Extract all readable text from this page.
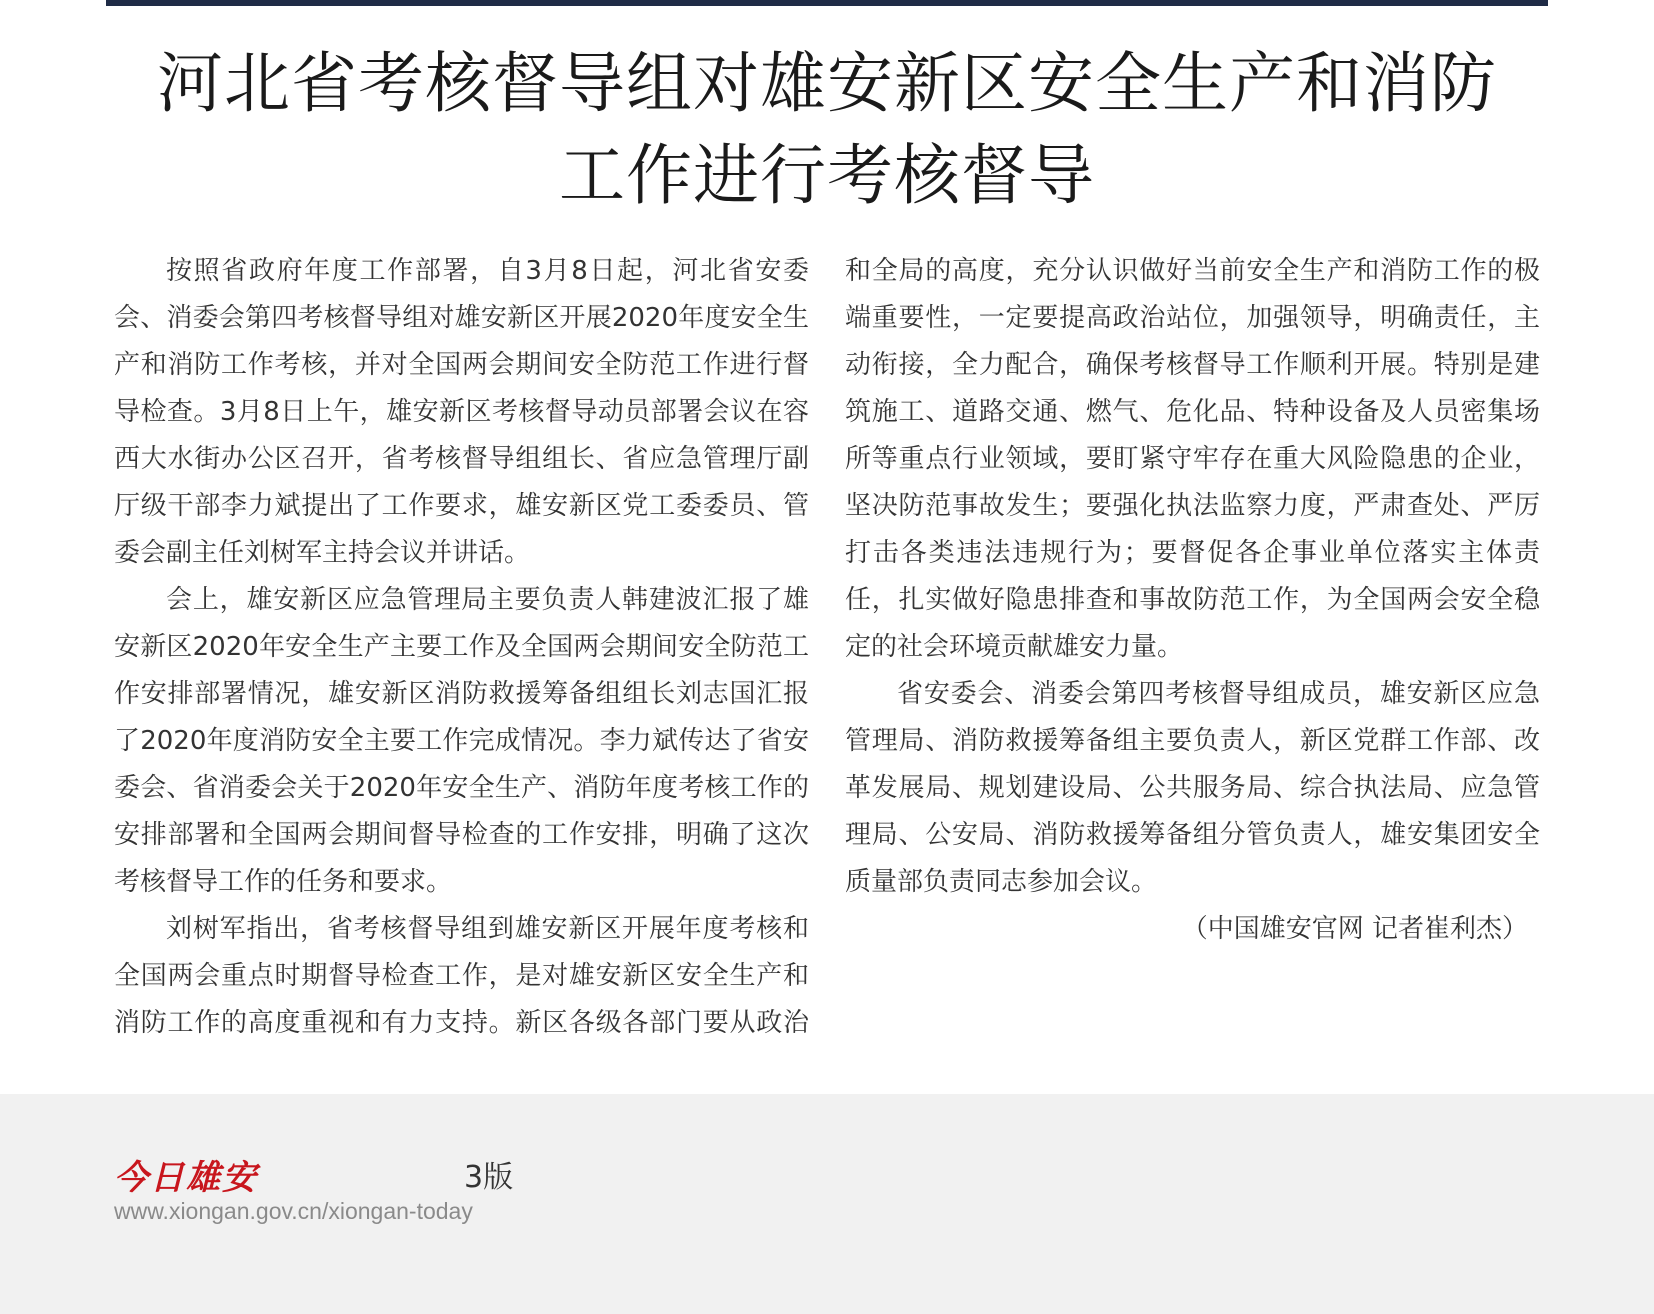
河北省考核督导组对雄安新区安全生产和消防
工作进行考核督导

按照省政府年度工作部署，自3月8日起，河北省安委会、消委会第四考核督导组对雄安新区开展2020年度安全生产和消防工作考核，并对全国两会期间安全防范工作进行督导检查。3月8日上午，雄安新区考核督导动员部署会议在容西大水街办公区召开，省考核督导组组长、省应急管理厅副厅级干部李力斌提出了工作要求，雄安新区党工委委员、管委会副主任刘树军主持会议并讲话。

会上，雄安新区应急管理局主要负责人韩建波汇报了雄安新区2020年安全生产主要工作及全国两会期间安全防范工作安排部署情况，雄安新区消防救援筹备组组长刘志国汇报了2020年度消防安全主要工作完成情况。李力斌传达了省安委会、省消委会关于2020年安全生产、消防年度考核工作的安排部署和全国两会期间督导检查的工作安排，明确了这次考核督导工作的任务和要求。

刘树军指出，省考核督导组到雄安新区开展年度考核和全国两会重点时期督导检查工作，是对雄安新区安全生产和消防工作的高度重视和有力支持。新区各级各部门要从政治和全局的高度，充分认识做好当前安全生产和消防工作的极端重要性，一定要提高政治站位，加强领导，明确责任，主动衔接，全力配合，确保考核督导工作顺利开展。特别是建筑施工、道路交通、燃气、危化品、特种设备及人员密集场所等重点行业领域，要盯紧守牢存在重大风险隐患的企业，坚决防范事故发生；要强化执法监察力度，严肃查处、严厉打击各类违法违规行为；要督促各企事业单位落实主体责任，扎实做好隐患排查和事故防范工作，为全国两会安全稳定的社会环境贡献雄安力量。

省安委会、消委会第四考核督导组成员，雄安新区应急管理局、消防救援筹备组主要负责人，新区党群工作部、改革发展局、规划建设局、公共服务局、综合执法局、应急管理局、公安局、消防救援筹备组分管负责人，雄安集团安全质量部负责同志参加会议。

（中国雄安官网 记者崔利杰）

今日雄安	3版
www.xiongan.gov.cn/xiongan-today
